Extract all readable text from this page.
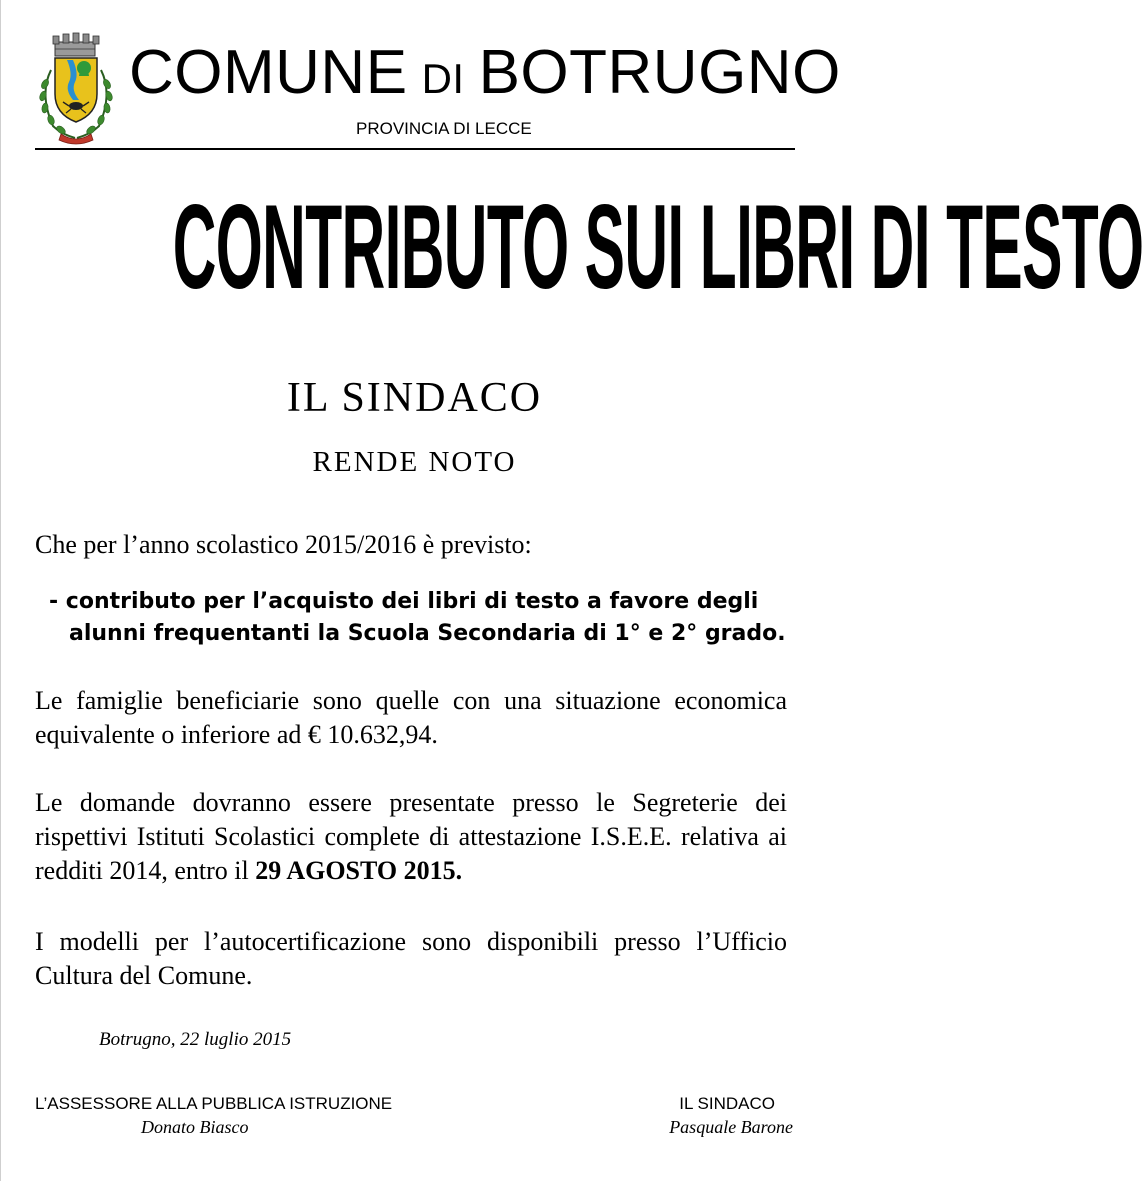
COMUNE DI BOTRUGNO
PROVINCIA DI LECCE
CONTRIBUTO SUI LIBRI DI TESTO
IL SINDACO
RENDE NOTO
Che per l’anno scolastico 2015/2016 è previsto:
- contributo per l’acquisto dei libri di testo a favore degli
alunni frequentanti la Scuola Secondaria di 1° e 2° grado.
Le famiglie beneficiarie sono quelle con una situazione economica equivalente o inferiore ad € 10.632,94.
Le domande dovranno essere presentate presso le Segreterie dei rispettivi Istituti Scolastici complete di attestazione I.S.E.E. relativa ai redditi 2014, entro il 29 AGOSTO 2015.
I modelli per l’autocertificazione sono disponibili presso l’Ufficio Cultura del Comune.
Botrugno, 22 luglio 2015
L’ASSESSORE ALLA PUBBLICA ISTRUZIONE
Donato Biasco
IL SINDACO
Pasquale Barone
